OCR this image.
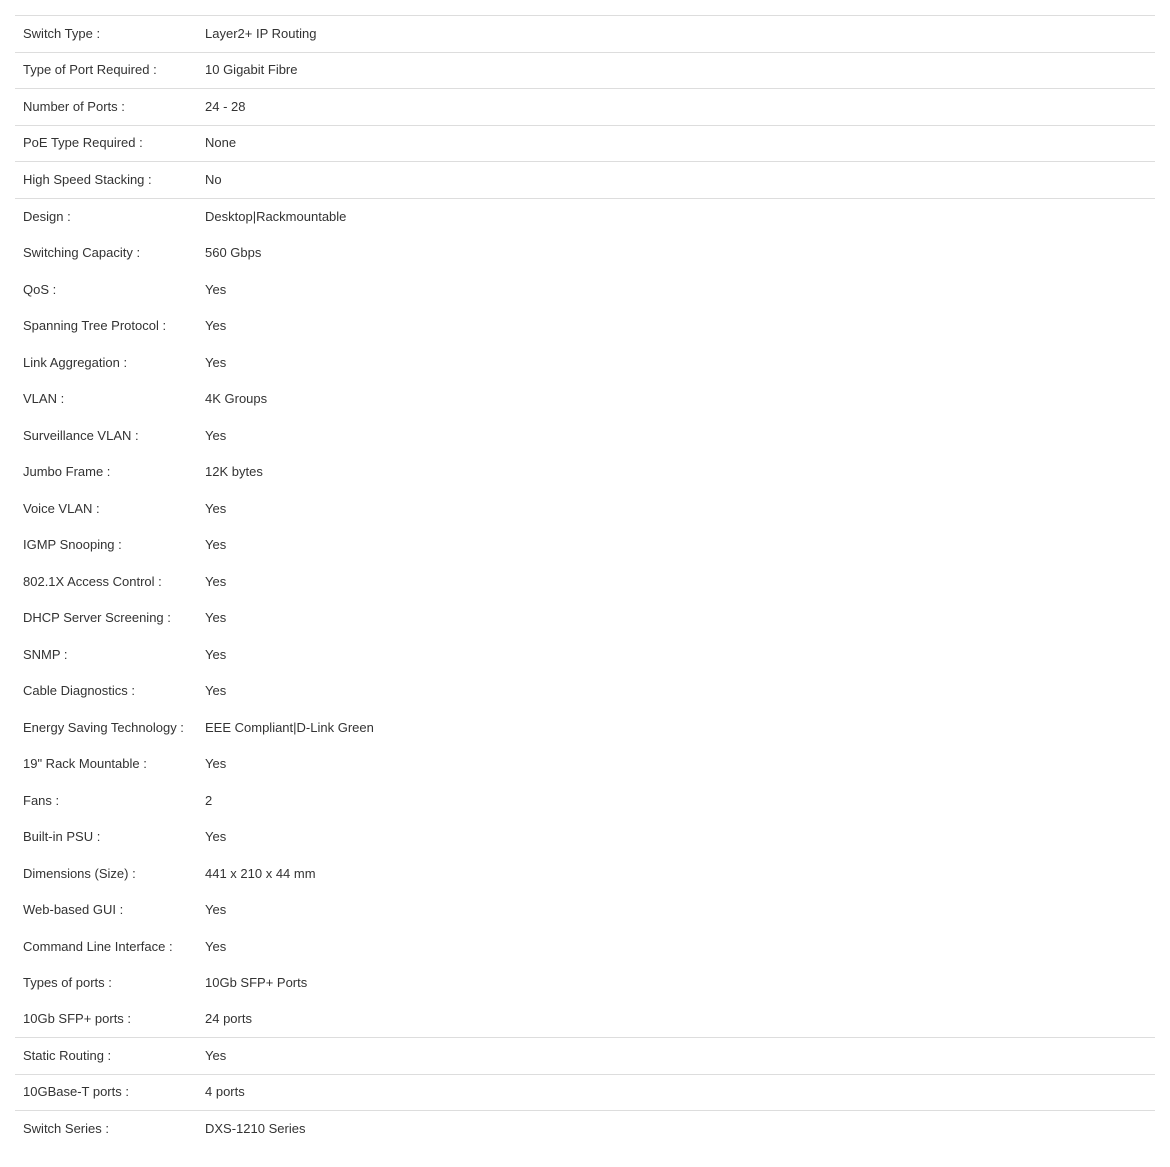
Switch Type :	Layer2+ IP Routing
Type of Port Required :	10 Gigabit Fibre
Number of Ports :	24 - 28
PoE Type Required :	None
High Speed Stacking :	No
Design :	Desktop|Rackmountable
Switching Capacity :	560 Gbps
QoS :	Yes
Spanning Tree Protocol :	Yes
Link Aggregation :	Yes
VLAN :	4K Groups
Surveillance VLAN :	Yes
Jumbo Frame :	12K bytes
Voice VLAN :	Yes
IGMP Snooping :	Yes
802.1X Access Control :	Yes
DHCP Server Screening :	Yes
SNMP :	Yes
Cable Diagnostics :	Yes
Energy Saving Technology :	EEE Compliant|D-Link Green
19" Rack Mountable :	Yes
Fans :	2
Built-in PSU :	Yes
Dimensions (Size) :	441 x 210 x 44 mm
Web-based GUI :	Yes
Command Line Interface :	Yes
Types of ports :	10Gb SFP+ Ports
10Gb SFP+ ports :	24 ports
Static Routing :	Yes
10GBase-T ports :	4 ports
Switch Series :	DXS-1210 Series
